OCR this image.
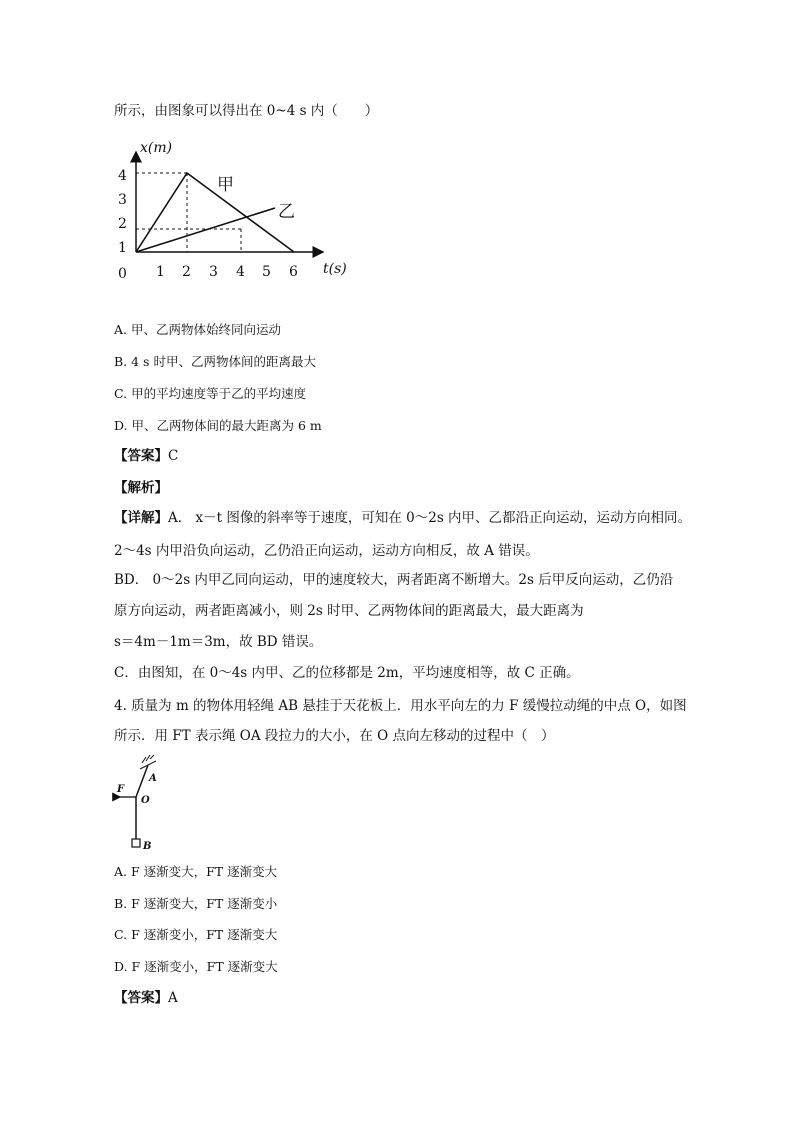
所示，由图象可以得出在 0~4 s 内（　　）
x(m)
t(s)
0
1
2
3
4
1 2 3 4 5 6
甲
乙
A. 甲、乙两物体始终同向运动
B. 4 s 时甲、乙两物体间的距离最大
C. 甲的平均速度等于乙的平均速度
D. 甲、乙两物体间的最大距离为 6 m
【答案】C
【解析】
【详解】A． x－t 图像的斜率等于速度，可知在 0～2s 内甲、乙都沿正向运动，运动方向相同。
2～4s 内甲沿负向运动，乙仍沿正向运动，运动方向相反，故 A 错误。
BD． 0～2s 内甲乙同向运动，甲的速度较大，两者距离不断增大。2s 后甲反向运动，乙仍沿
原方向运动，两者距离减小，则 2s 时甲、乙两物体间的距离最大，最大距离为
s＝4m－1m＝3m，故 BD 错误。
C．由图知，在 0～4s 内甲、乙的位移都是 2m，平均速度相等，故 C 正确。
4. 质量为 m 的物体用轻绳 AB 悬挂于天花板上．用水平向左的力 F 缓慢拉动绳的中点 O，如图
所示．用 FT 表示绳 OA 段拉力的大小，在 O 点向左移动的过程中（　）
A
O
F
B
A. F 逐渐变大，FT 逐渐变大
B. F 逐渐变大，FT 逐渐变小
C. F 逐渐变小，FT 逐渐变大
D. F 逐渐变小，FT 逐渐变大
【答案】A
